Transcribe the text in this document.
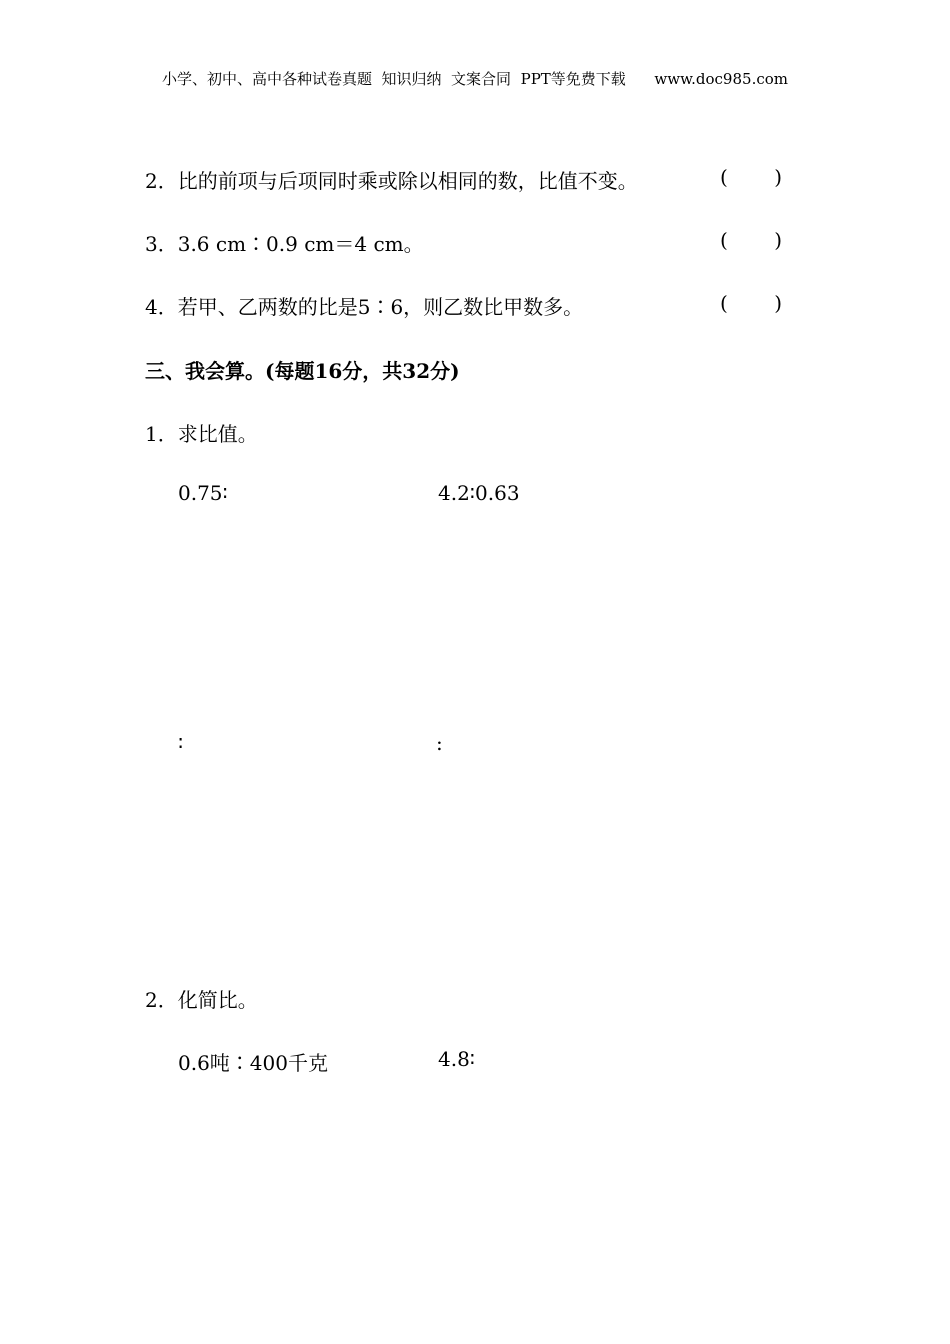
小学、初中、高中各种试卷真题  知识归纳  文案合同  PPT等免费下载      www.doc985.com
2．比的前项与后项同时乘或除以相同的数，比值不变。	( )
3．3.6 cm∶0.9 cm＝4 cm。	( )
4．若甲、乙两数的比是5∶6，则乙数比甲数多。	( )
三、我会算。(每题16分，共32分)
1．求比值。
0.75∶	4.2∶0.63
∶	:
2．化简比。
0.6吨∶400千克	4.8∶
